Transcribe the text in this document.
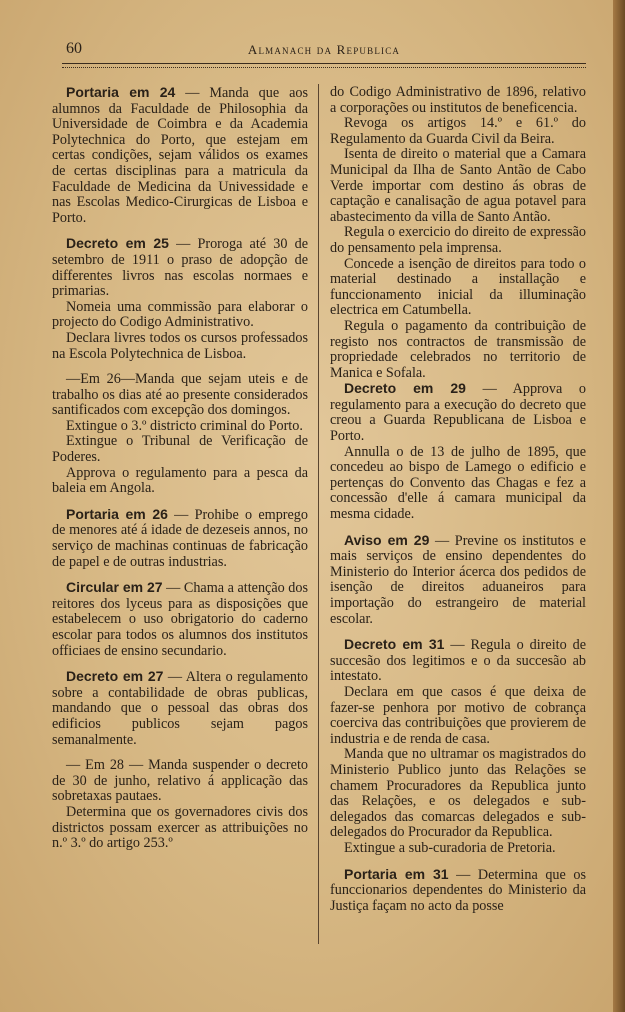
60	Almanach da Republica

Portaria em 24 — Manda que aos alumnos da Faculdade de Philosophia da Universidade de Coimbra e da Academia Polytechnica do Porto, que estejam em certas condições, sejam válidos os exames de certas disciplinas para a matricula da Faculdade de Medicina da Univessidade e nas Escolas Medico-Cirurgicas de Lisboa e Porto.

Decreto em 25 — Proroga até 30 de setembro de 1911 o praso de adopção de differentes livros nas escolas normaes e primarias.

Nomeia uma commissão para elaborar o projecto do Codigo Administrativo.

Declara livres todos os cursos professados na Escola Polytechnica de Lisboa.

—Em 26—Manda que sejam uteis e de trabalho os dias até ao presente considerados santificados com excepção dos domingos.

Extingue o 3.º districto criminal do Porto.

Extingue o Tribunal de Verificação de Poderes.

Approva o regulamento para a pesca da baleia em Angola.

Portaria em 26 — Prohibe o emprego de menores até á idade de dezeseis annos, no serviço de machinas continuas de fabricação de papel e de outras industrias.

Circular em 27 — Chama a attenção dos reitores dos lyceus para as disposições que estabelecem o uso obrigatorio do caderno escolar para todos os alumnos dos institutos officiaes de ensino secundario.

Decreto em 27 — Altera o regulamento sobre a contabilidade de obras publicas, mandando que o pessoal das obras dos edificios publicos sejam pagos semanalmente.

— Em 28 — Manda suspender o decreto de 30 de junho, relativo á applicação das sobretaxas pautaes.

Determina que os governadores civis dos districtos possam exercer as attribuições no n.º 3.º do artigo 253.º

do Codigo Administrativo de 1896, relativo a corporações ou institutos de beneficencia.

Revoga os artigos 14.º e 61.º do Regulamento da Guarda Civil da Beira.

Isenta de direito o material que a Camara Municipal da Ilha de Santo Antão de Cabo Verde importar com destino ás obras de captação e canalisação de agua potavel para abastecimento da villa de Santo Antão.

Regula o exercicio do direito de expressão do pensamento pela imprensa.

Concede a isenção de direitos para todo o material destinado a installação e funccionamento inicial da illuminação electrica em Catumbella.

Regula o pagamento da contribuição de registo nos contractos de transmissão de propriedade celebrados no territorio de Manica e Sofala.

Decreto em 29 — Approva o regulamento para a execução do decreto que creou a Guarda Republicana de Lisboa e Porto.

Annulla o de 13 de julho de 1895, que concedeu ao bispo de Lamego o edificio e pertenças do Convento das Chagas e fez a concessão d'elle á camara municipal da mesma cidade.

Aviso em 29 — Previne os institutos e mais serviços de ensino dependentes do Ministerio do Interior ácerca dos pedidos de isenção de direitos aduaneiros para importação do estrangeiro de material escolar.

Decreto em 31 — Regula o direito de succesão dos legitimos e o da succesão ab intestato.

Declara em que casos é que deixa de fazer-se penhora por motivo de cobrança coerciva das contribuições que provierem de industria e de renda de casa.

Manda que no ultramar os magistrados do Ministerio Publico junto das Relações se chamem Procuradores da Republica junto das Relações, e os delegados e sub-delegados das comarcas delegados e sub-delegados do Procurador da Republica.

Extingue a sub-curadoria de Pretoria.

Portaria em 31 — Determina que os funccionarios dependentes do Ministerio da Justiça façam no acto da posse
